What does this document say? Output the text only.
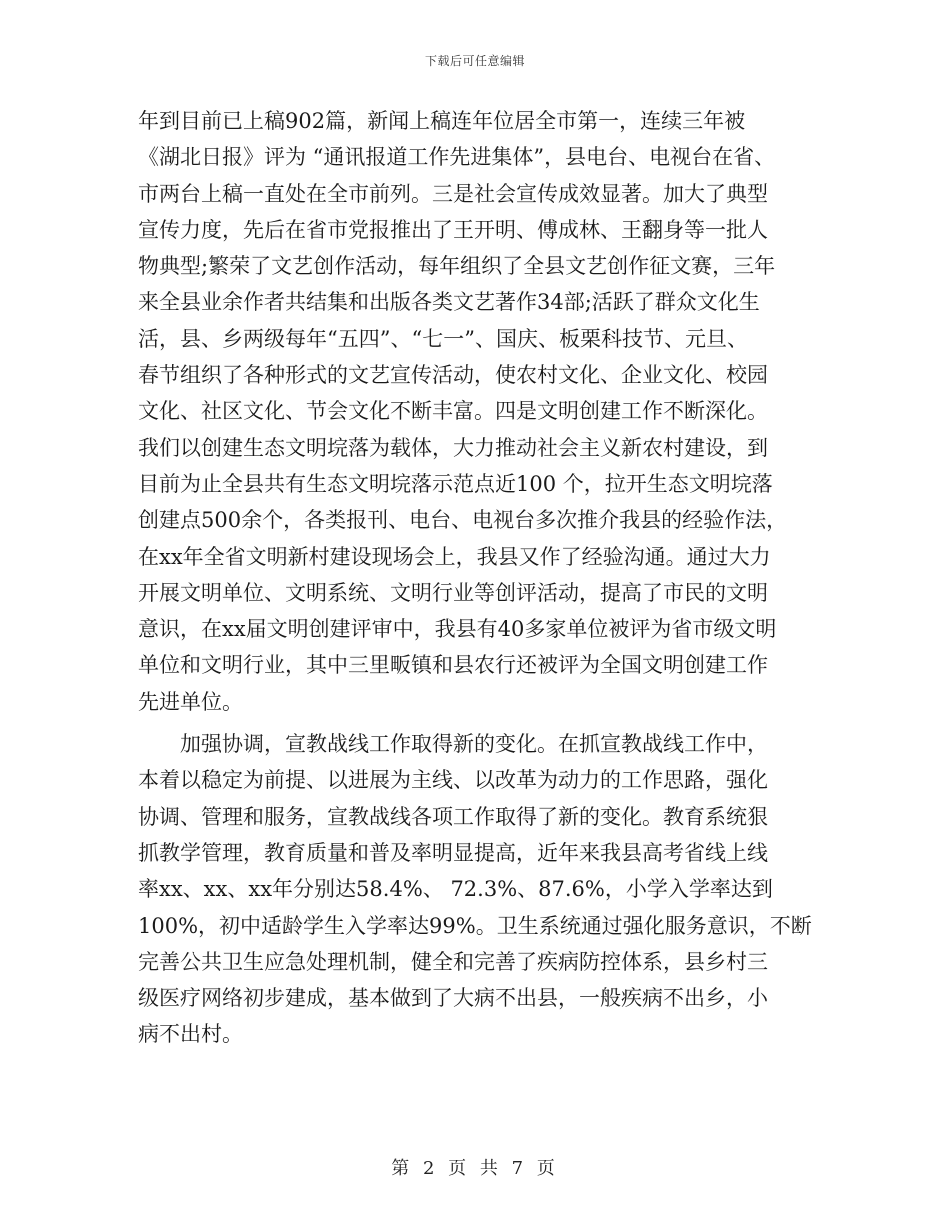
下载后可任意编辑
年到目前已上稿902篇，新闻上稿连年位居全市第一，连续三年被
《湖北日报》评为 “通讯报道工作先进集体”，县电台、电视台在省、
市两台上稿一直处在全市前列。三是社会宣传成效显著。加大了典型
宣传力度，先后在省市党报推出了王开明、傅成林、王翻身等一批人
物典型;繁荣了文艺创作活动，每年组织了全县文艺创作征文赛，三年
来全县业余作者共结集和出版各类文艺著作34部;活跃了群众文化生
活，县、乡两级每年“五四”、“七一”、国庆、板栗科技节、元旦、
春节组织了各种形式的文艺宣传活动，使农村文化、企业文化、校园
文化、社区文化、节会文化不断丰富。四是文明创建工作不断深化。
我们以创建生态文明垸落为载体，大力推动社会主义新农村建设，到
目前为止全县共有生态文明垸落示范点近100 个，拉开生态文明垸落
创建点500余个，各类报刊、电台、电视台多次推介我县的经验作法，
在xx年全省文明新村建设现场会上，我县又作了经验沟通。通过大力
开展文明单位、文明系统、文明行业等创评活动，提高了市民的文明
意识，在xx届文明创建评审中，我县有40多家单位被评为省市级文明
单位和文明行业，其中三里畈镇和县农行还被评为全国文明创建工作
先进单位。
加强协调，宣教战线工作取得新的变化。在抓宣教战线工作中，
本着以稳定为前提、以进展为主线、以改革为动力的工作思路，强化
协调、管理和服务，宣教战线各项工作取得了新的变化。教育系统狠
抓教学管理，教育质量和普及率明显提高，近年来我县高考省线上线
率xx、xx、xx年分别达58.4%、 72.3%、87.6%，小学入学率达到
100%，初中适龄学生入学率达99%。卫生系统通过强化服务意识，不断
完善公共卫生应急处理机制，健全和完善了疾病防控体系，县乡村三
级医疗网络初步建成，基本做到了大病不出县，一般疾病不出乡，小
病不出村。
第 2 页 共 7 页
